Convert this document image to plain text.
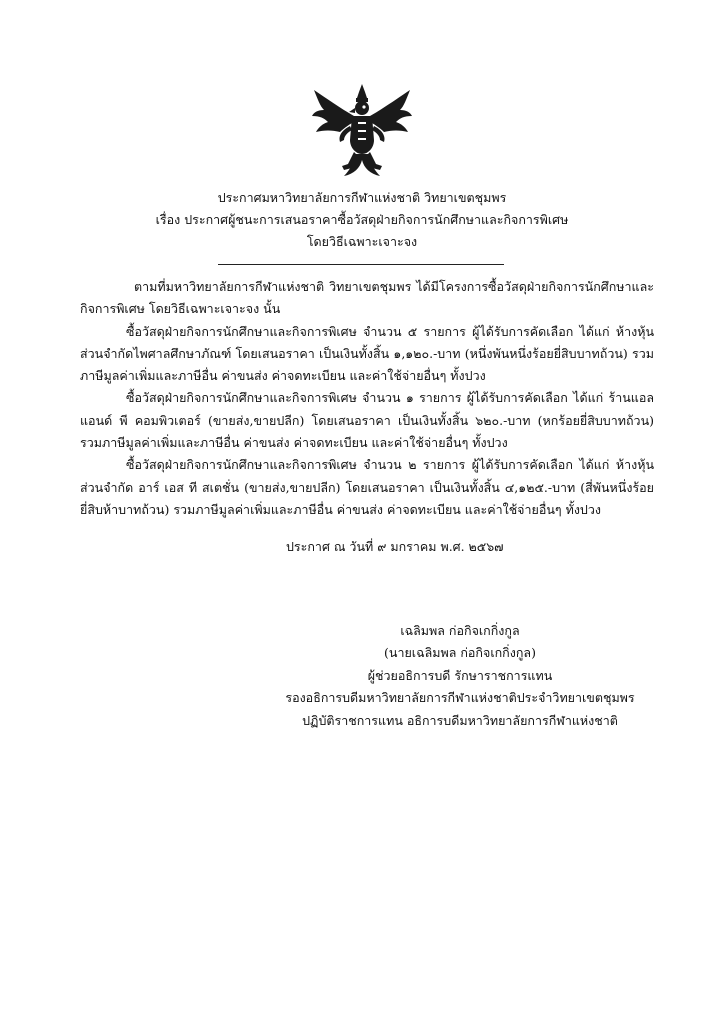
ประกาศมหาวิทยาลัยการกีฬาแห่งชาติ วิทยาเขตชุมพร
เรื่อง ประกาศผู้ชนะการเสนอราคาซื้อวัสดุฝ่ายกิจการนักศึกษาและกิจการพิเศษ
โดยวิธีเฉพาะเจาะจง

ตามที่มหาวิทยาลัยการกีฬาแห่งชาติ วิทยาเขตชุมพร ได้มีโครงการซื้อวัสดุฝ่ายกิจการนักศึกษาและกิจการพิเศษ โดยวิธีเฉพาะเจาะจง นั้น

ซื้อวัสดุฝ่ายกิจการนักศึกษาและกิจการพิเศษ จำนวน ๕ รายการ ผู้ได้รับการคัดเลือก ได้แก่ ห้างหุ้นส่วนจำกัดไพศาลศึกษาภัณฑ์ โดยเสนอราคา เป็นเงินทั้งสิ้น ๑,๑๒๐.-บาท (หนึ่งพันหนึ่งร้อยยี่สิบบาทถ้วน) รวมภาษีมูลค่าเพิ่มและภาษีอื่น ค่าขนส่ง ค่าจดทะเบียน และค่าใช้จ่ายอื่นๆ ทั้งปวง

ซื้อวัสดุฝ่ายกิจการนักศึกษาและกิจการพิเศษ จำนวน ๑ รายการ ผู้ได้รับการคัดเลือก ได้แก่ ร้านแอล แอนด์ พี คอมพิวเตอร์ (ขายส่ง,ขายปลีก) โดยเสนอราคา เป็นเงินทั้งสิ้น ๖๒๐.-บาท (หกร้อยยี่สิบบาทถ้วน) รวมภาษีมูลค่าเพิ่มและภาษีอื่น ค่าขนส่ง ค่าจดทะเบียน และค่าใช้จ่ายอื่นๆ ทั้งปวง

ซื้อวัสดุฝ่ายกิจการนักศึกษาและกิจการพิเศษ จำนวน ๒ รายการ ผู้ได้รับการคัดเลือก ได้แก่ ห้างหุ้นส่วนจำกัด อาร์ เอส ที สเตชั่น (ขายส่ง,ขายปลีก) โดยเสนอราคา เป็นเงินทั้งสิ้น ๔,๑๒๕.-บาท (สี่พันหนึ่งร้อยยี่สิบห้าบาทถ้วน) รวมภาษีมูลค่าเพิ่มและภาษีอื่น ค่าขนส่ง ค่าจดทะเบียน และค่าใช้จ่ายอื่นๆ ทั้งปวง

ประกาศ ณ วันที่ ๙ มกราคม พ.ศ. ๒๕๖๗
เฉลิมพล ก่อกิจเกกิ่งกูล
(นายเฉลิมพล ก่อกิจเกกิ่งกูล)
ผู้ช่วยอธิการบดี รักษาราชการแทน
รองอธิการบดีมหาวิทยาลัยการกีฬาแห่งชาติประจำวิทยาเขตชุมพร
ปฏิบัติราชการแทน อธิการบดีมหาวิทยาลัยการกีฬาแห่งชาติ
